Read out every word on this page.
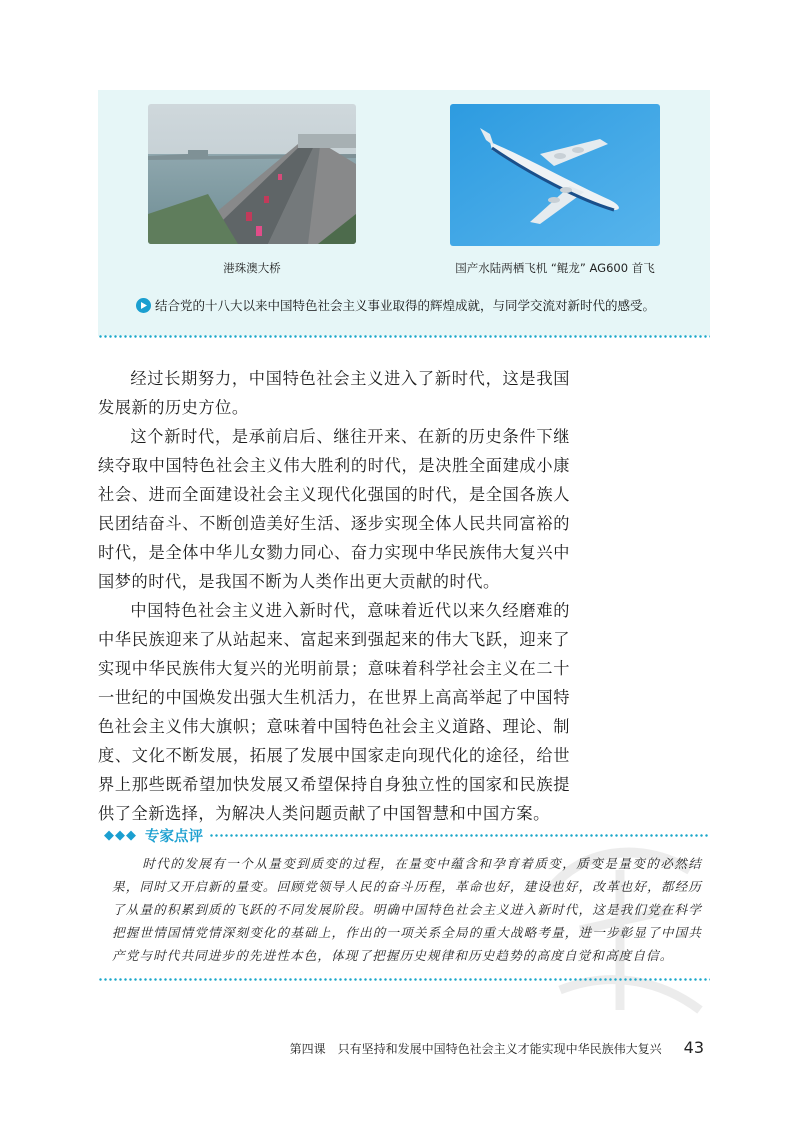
港珠澳大桥	国产水陆两栖飞机 “鲲龙” AG600 首飞
结合党的十八大以来中国特色社会主义事业取得的辉煌成就，与同学交流对新时代的感受。

经过长期努力，中国特色社会主义进入了新时代，这是我国发展新的历史方位。

这个新时代，是承前启后、继往开来、在新的历史条件下继续夺取中国特色社会主义伟大胜利的时代，是决胜全面建成小康社会、进而全面建设社会主义现代化强国的时代，是全国各族人民团结奋斗、不断创造美好生活、逐步实现全体人民共同富裕的时代，是全体中华儿女勠力同心、奋力实现中华民族伟大复兴中国梦的时代，是我国不断为人类作出更大贡献的时代。

中国特色社会主义进入新时代，意味着近代以来久经磨难的中华民族迎来了从站起来、富起来到强起来的伟大飞跃，迎来了实现中华民族伟大复兴的光明前景；意味着科学社会主义在二十一世纪的中国焕发出强大生机活力，在世界上高高举起了中国特色社会主义伟大旗帜；意味着中国特色社会主义道路、理论、制度、文化不断发展，拓展了发展中国家走向现代化的途径，给世界上那些既希望加快发展又希望保持自身独立性的国家和民族提供了全新选择，为解决人类问题贡献了中国智慧和中国方案。

◆◆◆ 专家点评

时代的发展有一个从量变到质变的过程，在量变中蕴含和孕育着质变，质变是量变的必然结果，同时又开启新的量变。回顾党领导人民的奋斗历程，革命也好，建设也好，改革也好，都经历了从量的积累到质的飞跃的不同发展阶段。明确中国特色社会主义进入新时代，这是我们党在科学把握世情国情党情深刻变化的基础上，作出的一项关系全局的重大战略考量，进一步彰显了中国共产党与时代共同进步的先进性本色，体现了把握历史规律和历史趋势的高度自觉和高度自信。

第四课 只有坚持和发展中国特色社会主义才能实现中华民族伟大复兴 43
